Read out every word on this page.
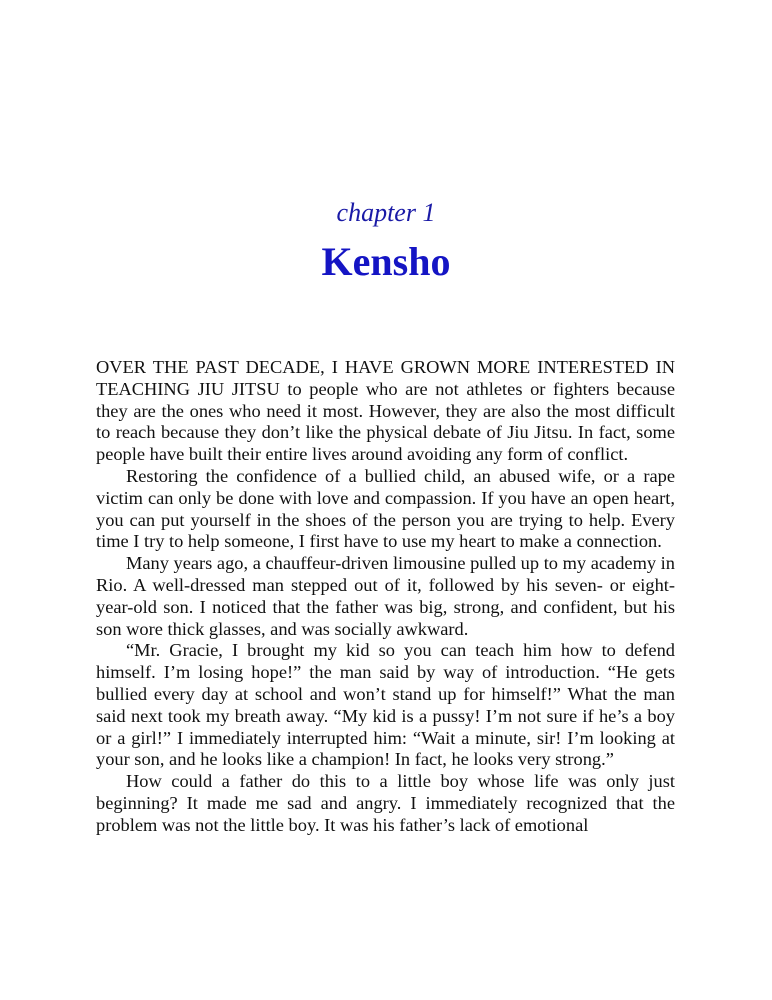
chapter 1
Kensho

OVER THE PAST DECADE, I HAVE GROWN MORE INTERESTED IN TEACHING JIU JITSU to people who are not athletes or fighters because they are the ones who need it most. However, they are also the most difficult to reach because they don’t like the physical debate of Jiu Jitsu. In fact, some people have built their entire lives around avoiding any form of conflict.

Restoring the confidence of a bullied child, an abused wife, or a rape victim can only be done with love and compassion. If you have an open heart, you can put yourself in the shoes of the person you are trying to help. Every time I try to help someone, I first have to use my heart to make a connection.

Many years ago, a chauffeur-driven limousine pulled up to my academy in Rio. A well-dressed man stepped out of it, followed by his seven- or eight-year-old son. I noticed that the father was big, strong, and confident, but his son wore thick glasses, and was socially awkward.

“Mr. Gracie, I brought my kid so you can teach him how to defend himself. I’m losing hope!” the man said by way of introduction. “He gets bullied every day at school and won’t stand up for himself!” What the man said next took my breath away. “My kid is a pussy! I’m not sure if he’s a boy or a girl!” I immediately interrupted him: “Wait a minute, sir! I’m looking at your son, and he looks like a champion! In fact, he looks very strong.”

How could a father do this to a little boy whose life was only just beginning? It made me sad and angry. I immediately recognized that the problem was not the little boy. It was his father’s lack of emotional
